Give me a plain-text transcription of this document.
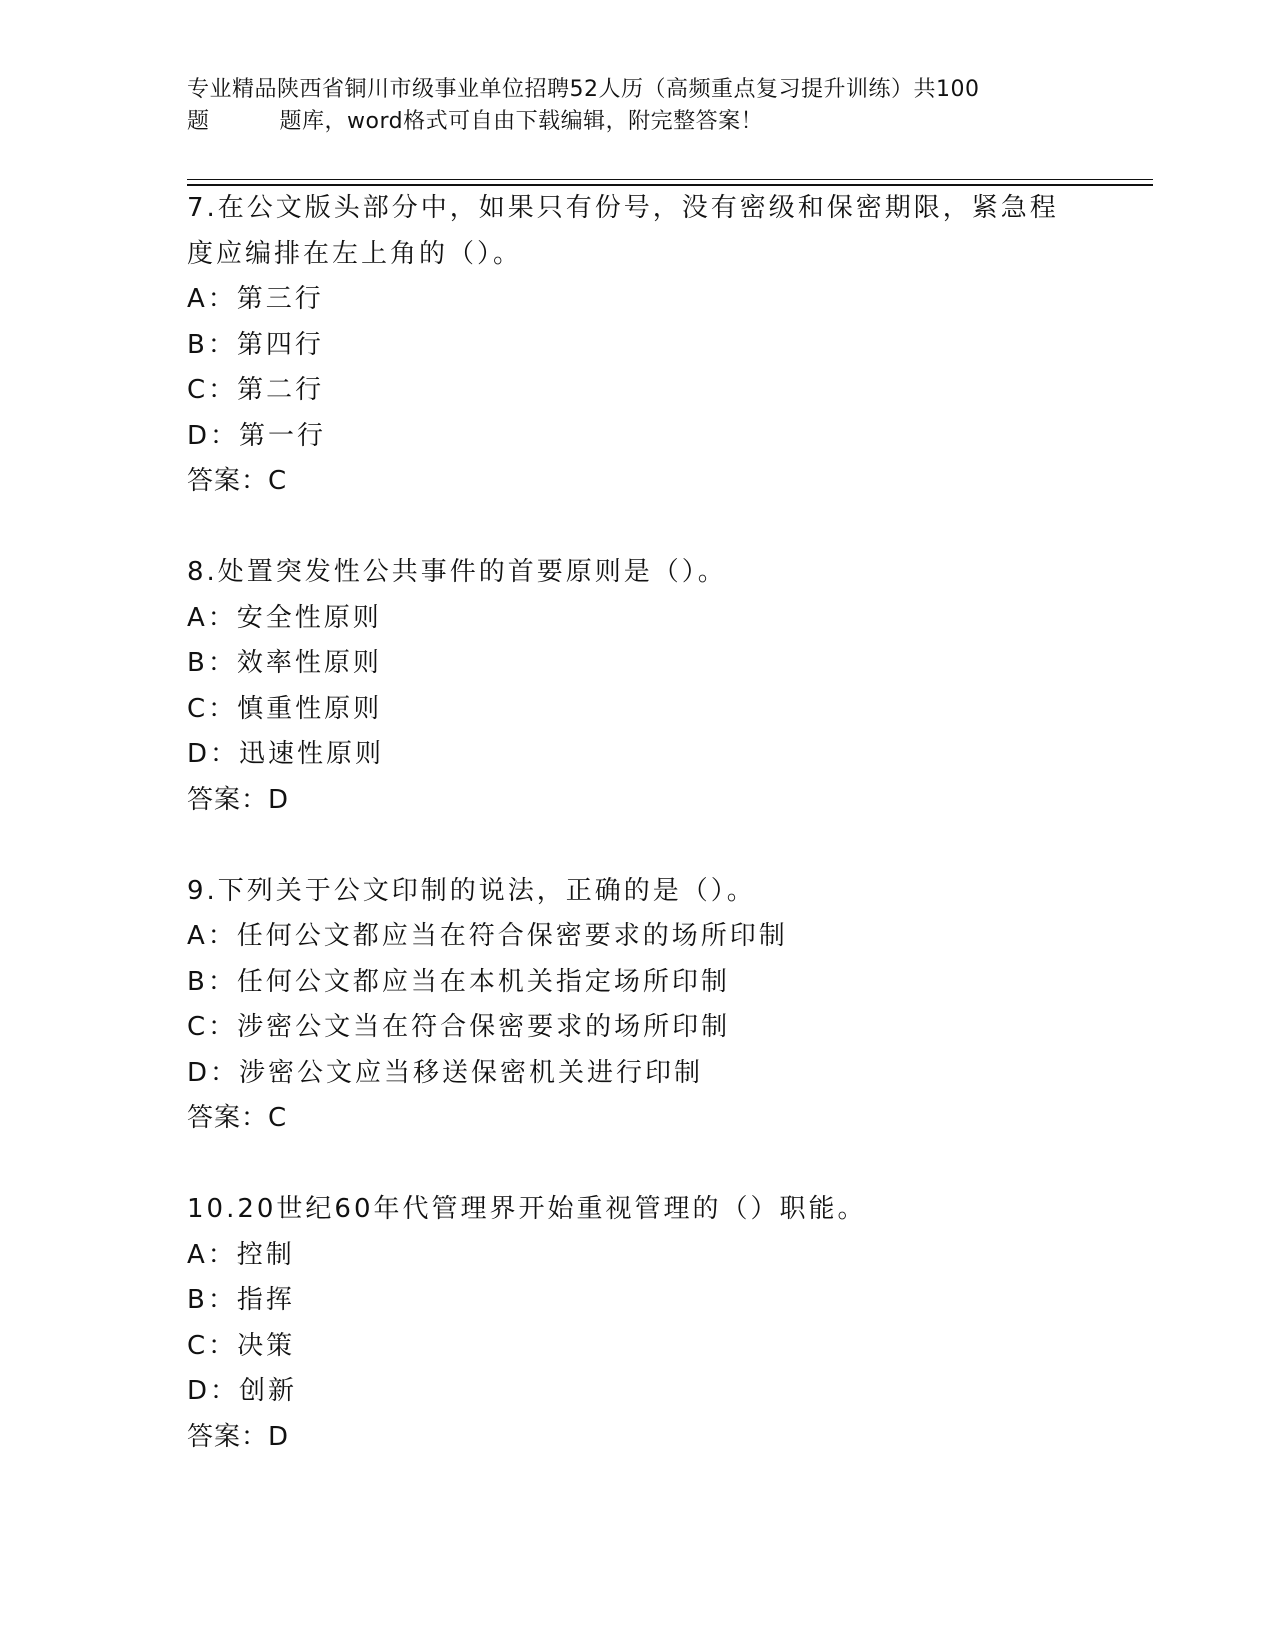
专业精品陕西省铜川市级事业单位招聘52人历（高频重点复习提升训练）共100
题	题库，word格式可自由下载编辑，附完整答案！
7.在公文版头部分中，如果只有份号，没有密级和保密期限，紧急程度应编排在左上角的（）。
A：第三行
B：第四行
C：第二行
D：第一行
答案：C
8.处置突发性公共事件的首要原则是（）。
A：安全性原则
B：效率性原则
C：慎重性原则
D：迅速性原则
答案：D
9.下列关于公文印制的说法，正确的是（）。
A：任何公文都应当在符合保密要求的场所印制
B：任何公文都应当在本机关指定场所印制
C：涉密公文当在符合保密要求的场所印制
D：涉密公文应当移送保密机关进行印制
答案：C
10.20世纪60年代管理界开始重视管理的（）职能。
A：控制
B：指挥
C：决策
D：创新
答案：D
